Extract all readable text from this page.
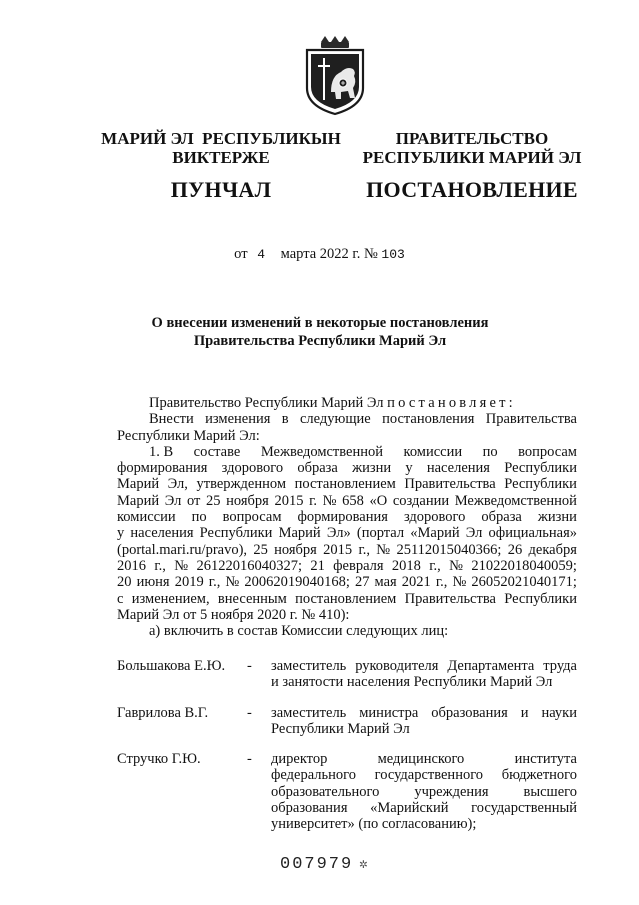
МАРИЙ ЭЛ  РЕСПУБЛИКЫН
ВИКТЕРЖЕ
ПУНЧАЛ
ПРАВИТЕЛЬСТВО
РЕСПУБЛИКИ МАРИЙ ЭЛ
ПОСТАНОВЛЕНИЕ
от 4 марта 2022 г. № 103
О внесении изменений в некоторые постановления
Правительства Республики Марий Эл
Правительство Республики Марий Эл постановляет:
Внести изменения в следующие постановления Правительства
Республики Марий Эл:
1. В составе Межведомственной комиссии по вопросам
формирования здорового образа жизни у населения Республики
Марий Эл, утвержденном постановлением Правительства Республики
Марий Эл от 25 ноября 2015 г. № 658 «О создании Межведомственной
комиссии по вопросам формирования здорового образа жизни
у населения Республики Марий Эл» (портал «Марий Эл официальная»
(portal.mari.ru/pravo), 25 ноября 2015 г., № 25112015040366; 26 декабря
2016 г., № 26122016040327; 21 февраля 2018 г., № 21022018040059;
20 июня 2019 г., № 20062019040168; 27 мая 2021 г., № 26052021040171;
с изменением, внесенным постановлением Правительства Республики
Марий Эл от 5 ноября 2020 г. № 410):
а) включить в состав Комиссии следующих лиц:
Большакова Е.Ю. - заместитель руководителя Департамента труда
и занятости населения Республики Марий Эл
Гаврилова В.Г.	- заместитель министра образования и науки
Республики Марий Эл
Стручко Г.Ю.	- директор	медицинского	института
федерального государственного бюджетного
образовательного учреждения высшего
образования «Марийский государственный
университет» (по согласованию);
007979 ✲
